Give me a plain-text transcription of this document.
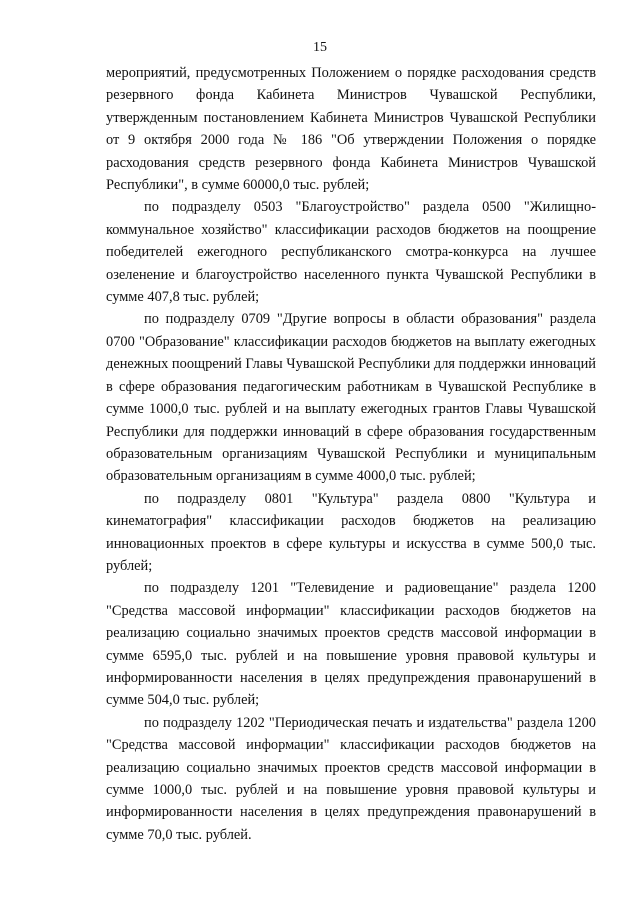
15

мероприятий, предусмотренных Положением о порядке расходования средств резервного фонда Кабинета Министров Чувашской Республики, утвержденным постановлением Кабинета Министров Чувашской Республики от 9 октября 2000 года № 186 "Об утверждении Положения о порядке расходования средств резервного фонда Кабинета Министров Чувашской Республики", в сумме 60000,0 тыс. рублей;

по подразделу 0503 "Благоустройство" раздела 0500 "Жилищно-коммунальное хозяйство" классификации расходов бюджетов на поощрение победителей ежегодного республиканского смотра-конкурса на лучшее озеленение и благоустройство населенного пункта Чувашской Республики в сумме 407,8 тыс. рублей;

по подразделу 0709 "Другие вопросы в области образования" раздела 0700 "Образование" классификации расходов бюджетов на выплату ежегодных денежных поощрений Главы Чувашской Республики для поддержки инноваций в сфере образования педагогическим работникам в Чувашской Республике в сумме 1000,0 тыс. рублей и на выплату ежегодных грантов Главы Чувашской Республики для поддержки инноваций в сфере образования государственным образовательным организациям Чувашской Республики и муниципальным образовательным организациям в сумме 4000,0 тыс. рублей;

по подразделу 0801 "Культура" раздела 0800 "Культура и кинематография" классификации расходов бюджетов на реализацию инновационных проектов в сфере культуры и искусства в сумме 500,0 тыс. рублей;

по подразделу 1201 "Телевидение и радиовещание" раздела 1200 "Средства массовой информации" классификации расходов бюджетов на реализацию социально значимых проектов средств массовой информации в сумме 6595,0 тыс. рублей и на повышение уровня правовой культуры и информированности населения в целях предупреждения правонарушений в сумме 504,0 тыс. рублей;

по подразделу 1202 "Периодическая печать и издательства" раздела 1200 "Средства массовой информации" классификации расходов бюджетов на реализацию социально значимых проектов средств массовой информации в сумме 1000,0 тыс. рублей и на повышение уровня правовой культуры и информированности населения в целях предупреждения правонарушений в сумме 70,0 тыс. рублей.
